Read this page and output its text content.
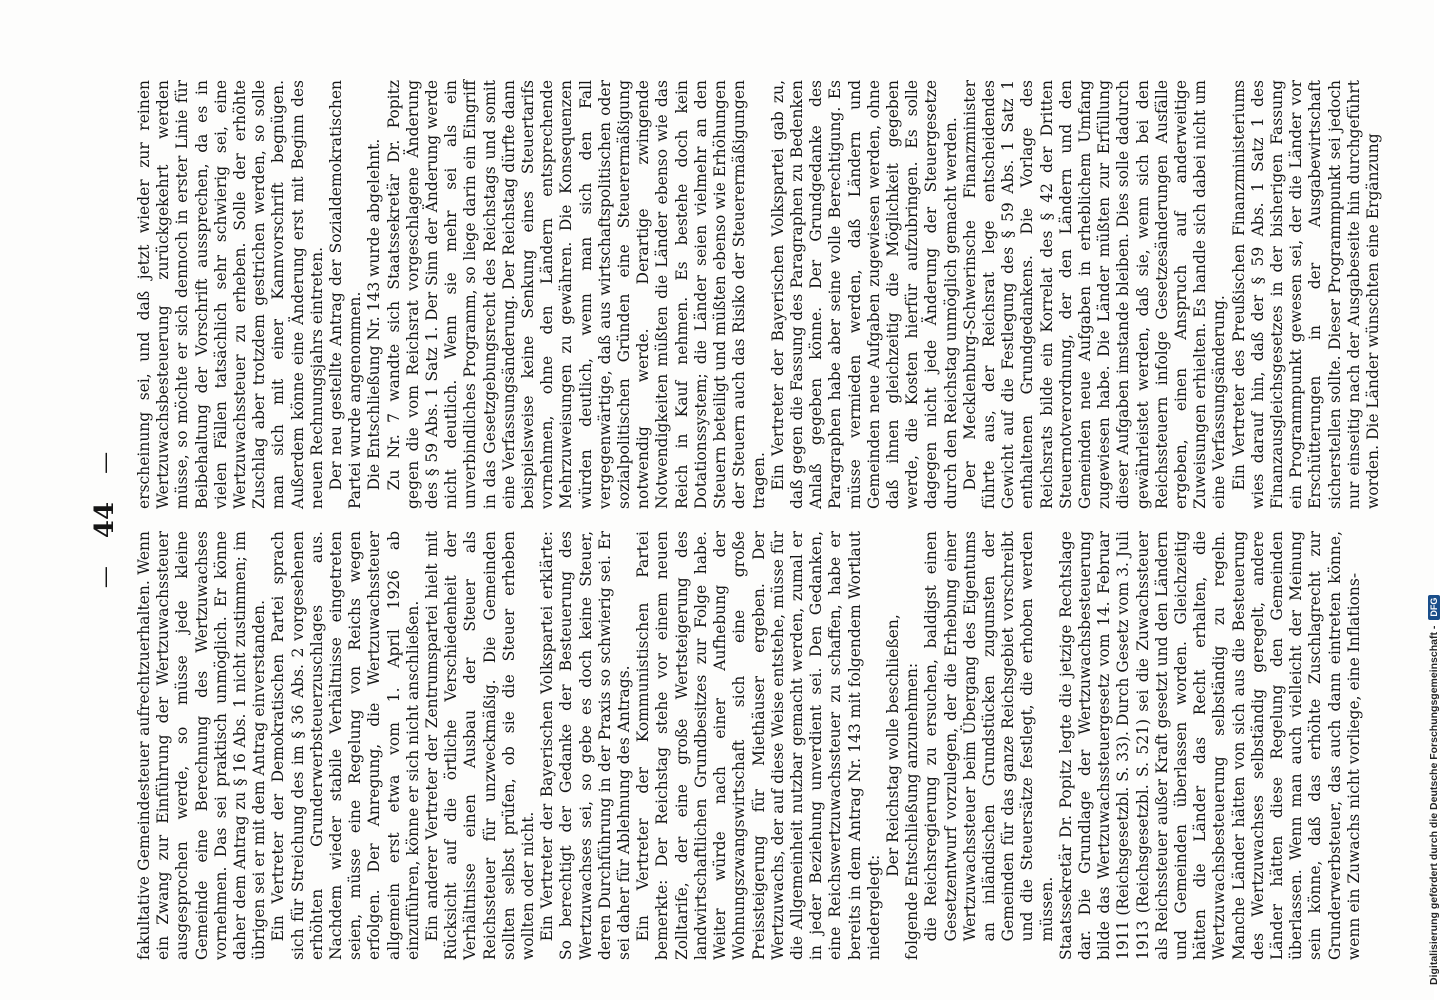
—
44
—

fakultative Gemeindesteuer aufrechtzuerhalten. Wenn ein Zwang zur Einführung der Wertzuwachssteuer ausgesprochen werde, so müsse jede kleine Gemeinde eine Berechnung des Wertzuwachses vornehmen. Das sei praktisch unmöglich. Er könne daher dem Antrag zu § 16 Abs. 1 nicht zustimmen; im übrigen sei er mit dem Antrag einverstanden. Ein Vertreter der Demokratischen Partei sprach sich für Streichung des im § 36 Abs. 2 vorgesehenen erhöhten Grunderwerbsteuerzuschlages aus. Nachdem wieder stabile Verhältnisse eingetreten seien, müsse eine Regelung von Reichs wegen erfolgen. Der Anregung, die Wertzuwachssteuer allgemein erst etwa vom 1. April 1926 ab einzuführen, könne er sich nicht anschließen. Ein anderer Vertreter der Zentrumspartei hielt mit Rücksicht auf die örtliche Verschiedenheit der Verhältnisse einen Ausbau der Steuer als Reichssteuer für unzweckmäßig. Die Gemeinden sollten selbst prüfen, ob sie die Steuer erheben wollten oder nicht. Ein Vertreter der Bayerischen Volkspartei erklärte: So berechtigt der Gedanke der Besteuerung des Wertzuwachses sei, so gebe es doch keine Steuer, deren Durchführung in der Praxis so schwierig sei. Er sei daher für Ablehnung des Antrags. Ein Vertreter der Kommunistischen Partei bemerkte: Der Reichstag stehe vor einem neuen Zolltarife, der eine große Wertsteigerung des landwirtschaftlichen Grundbesitzes zur Folge habe. Weiter würde nach einer Aufhebung der Wohnungszwangswirtschaft sich eine große Preissteigerung für Miethäuser ergeben. Der Wertzuwachs, der auf diese Weise entstehe, müsse für die Allgemeinheit nutzbar gemacht werden, zumal er in jeder Beziehung unverdient sei. Den Gedanken, eine Reichswertzuwachssteuer zu schaffen, habe er bereits in dem Antrag Nr. 143 mit folgendem Wortlaut niedergelegt:

Der Reichstag wolle beschließen, folgende Entschließung anzunehmen: die Reichsregierung zu ersuchen, baldigst einen Gesetzentwurf vorzulegen, der die Erhebung einer Wertzuwachssteuer beim Übergang des Eigentums an inländischen Grundstücken zugunsten der Gemeinden für das ganze Reichsgebiet vorschreibt und die Steuersätze festlegt, die erhoben werden müssen. Staatssekretär Dr. Popitz legte die jetzige Rechtslage dar. Die Grundlage der Wertzuwachsbesteuerung bilde das Wertzuwachssteuergesetz vom 14. Februar 1911 (Reichsgesetzbl. S. 33). Durch Gesetz vom 3. Juli 1913 (Reichsgesetzbl. S. 521) sei die Zuwachssteuer als Reichssteuer außer Kraft gesetzt und den Ländern und Gemeinden überlassen worden. Gleichzeitig hätten die Länder das Recht erhalten, die Wertzuwachsbesteuerung selbständig zu regeln. Manche Länder hätten von sich aus die Besteuerung des Wertzuwachses selbständig geregelt, andere Länder hätten diese Regelung den Gemeinden überlassen. Wenn man auch vielleicht der Meinung sein könne, daß das erhöhte Zuschlagrecht zur Grunderwerbsteuer, das auch dann eintreten könne, wenn ein Zuwachs nicht vorliege, eine Inflations-

erscheinung sei, und daß jetzt wieder zur reinen Wertzuwachsbesteuerung zurückgekehrt werden müsse, so möchte er sich dennoch in erster Linie für Beibehaltung der Vorschrift aussprechen, da es in vielen Fällen tatsächlich sehr schwierig sei, eine Wertzuwachssteuer zu erheben. Solle der erhöhte Zuschlag aber trotzdem gestrichen werden, so solle man sich mit einer Kannvorschrift begnügen. Außerdem könne eine Änderung erst mit Beginn des neuen Rechnungsjahrs eintreten. Der neu gestellte Antrag der Sozialdemokratischen Partei wurde angenommen. Die Entschließung Nr. 143 wurde abgelehnt. Zu Nr. 7 wandte sich Staatssekretär Dr. Popitz gegen die vom Reichsrat vorgeschlagene Änderung des § 59 Abs. 1 Satz 1. Der Sinn der Änderung werde nicht deutlich. Wenn sie mehr sei als ein unverbindliches Programm, so liege darin ein Eingriff in das Gesetzgebungsrecht des Reichstags und somit eine Verfassungsänderung. Der Reichstag dürfte dann beispielsweise keine Senkung eines Steuertarifs vornehmen, ohne den Ländern entsprechende Mehrzuweisungen zu gewähren. Die Konsequenzen würden deutlich, wenn man sich den Fall vergegenwärtige, daß aus wirtschaftspolitischen oder sozialpolitischen Gründen eine Steuerermäßigung notwendig werde. Derartige zwingende Notwendigkeiten müßten die Länder ebenso wie das Reich in Kauf nehmen. Es bestehe doch kein Dotationssystem; die Länder seien vielmehr an den Steuern beteiligt und müßten ebenso wie Erhöhungen der Steuern auch das Risiko der Steuerermäßigungen tragen. Ein Vertreter der Bayerischen Volkspartei gab zu, daß gegen die Fassung des Paragraphen zu Bedenken Anlaß gegeben könne. Der Grundgedanke des Paragraphen habe aber seine volle Berechtigung. Es müsse vermieden werden, daß Ländern und Gemeinden neue Aufgaben zugewiesen werden, ohne daß ihnen gleichzeitig die Möglichkeit gegeben werde, die Kosten hierfür aufzubringen. Es solle dagegen nicht jede Änderung der Steuergesetze durch den Reichstag unmöglich gemacht werden. Der Mecklenburg-Schwerinsche Finanzminister führte aus, der Reichsrat lege entscheidendes Gewicht auf die Festlegung des § 59 Abs. 1 Satz 1 enthaltenen Grundgedankens. Die Vorlage des Reichsrats bilde ein Korrelat des § 42 der Dritten Steuernotverordnung, der den Ländern und den Gemeinden neue Aufgaben in erheblichem Umfang zugewiesen habe. Die Länder müßten zur Erfüllung dieser Aufgaben imstande bleiben. Dies solle dadurch gewährleistet werden, daß sie, wenn sich bei den Reichssteuern infolge Gesetzesänderungen Ausfälle ergeben, einen Anspruch auf anderweitige Zuweisungen erhielten. Es handle sich dabei nicht um eine Verfassungsänderung. Ein Vertreter des Preußischen Finanzministeriums wies darauf hin, daß der § 59 Abs. 1 Satz 1 des Finanzausgleichsgesetzes in der bisherigen Fassung ein Programmpunkt gewesen sei, der die Länder vor Erschütterungen in der Ausgabewirtschaft sicherstellen sollte. Dieser Programmpunkt sei jedoch nur einseitig nach der Ausgabeseite hin durchgeführt worden. Die Länder wünschten eine Ergänzung

Digitalisierung gefördert durch die Deutsche Forschungsgemeinschaft -
DFG
